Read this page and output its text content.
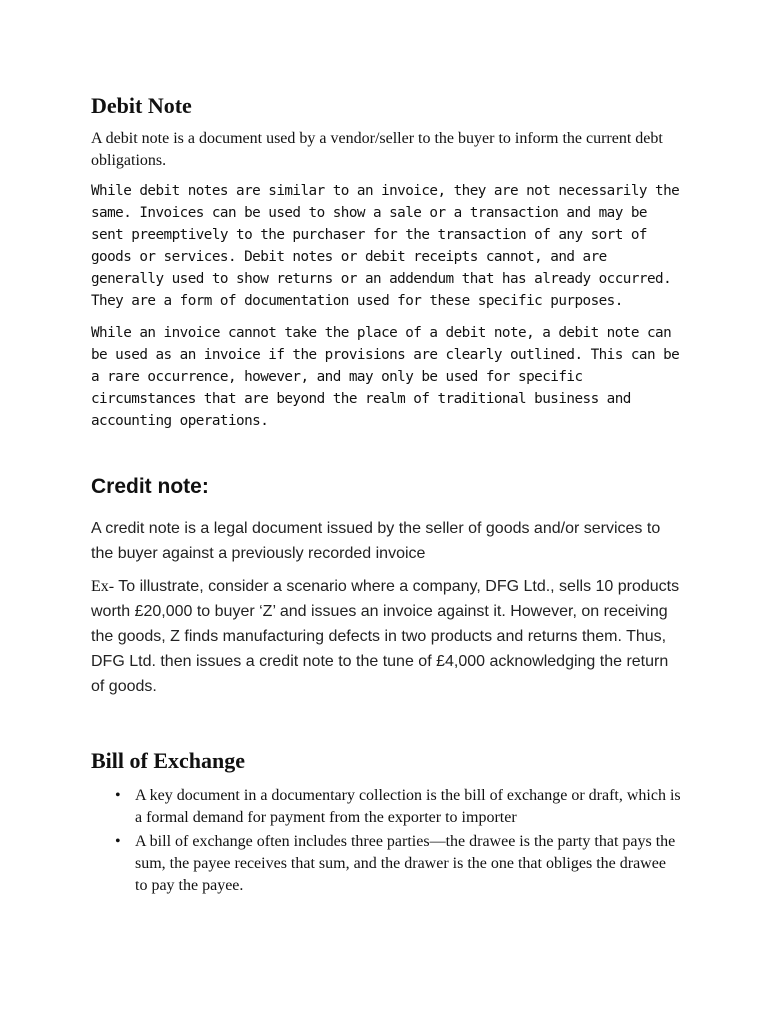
Debit Note

A debit note is a document used by a vendor/seller to the buyer to inform the current debt obligations.

While debit notes are similar to an invoice, they are not necessarily the same. Invoices can be used to show a sale or a transaction and may be sent preemptively to the purchaser for the transaction of any sort of goods or services. Debit notes or debit receipts cannot, and are generally used to show returns or an addendum that has already occurred. They are a form of documentation used for these specific purposes.

While an invoice cannot take the place of a debit note, a debit note can be used as an invoice if the provisions are clearly outlined. This can be a rare occurrence, however, and may only be used for specific circumstances that are beyond the realm of traditional business and accounting operations.

Credit note:

A credit note is a legal document issued by the seller of goods and/or services to the buyer against a previously recorded invoice

Ex- To illustrate, consider a scenario where a company, DFG Ltd., sells 10 products worth £20,000 to buyer ‘Z’ and issues an invoice against it. However, on receiving the goods, Z finds manufacturing defects in two products and returns them. Thus, DFG Ltd. then issues a credit note to the tune of £4,000 acknowledging the return of goods.

Bill of Exchange
• A key document in a documentary collection is the bill of exchange or draft, which is a formal demand for payment from the exporter to importer
• A bill of exchange often includes three parties—the drawee is the party that pays the sum, the payee receives that sum, and the drawer is the one that obliges the drawee to pay the payee.
